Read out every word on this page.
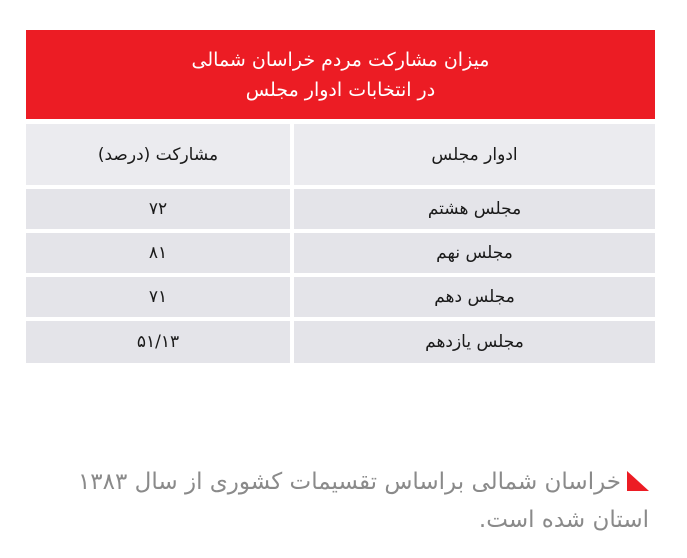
میزان مشارکت مردم خراسان شمالی
در انتخابات ادوار مجلس
ادوار مجلس
مشارکت (درصد)
مجلس هشتم
۷۲
مجلس نهم
۸۱
مجلس دهم
۷۱
مجلس یازدهم
۵۱/۱۳
خراسان شمالی براساس تقسیمات کشوری از سال ۱۳۸۳ استان شده است.
